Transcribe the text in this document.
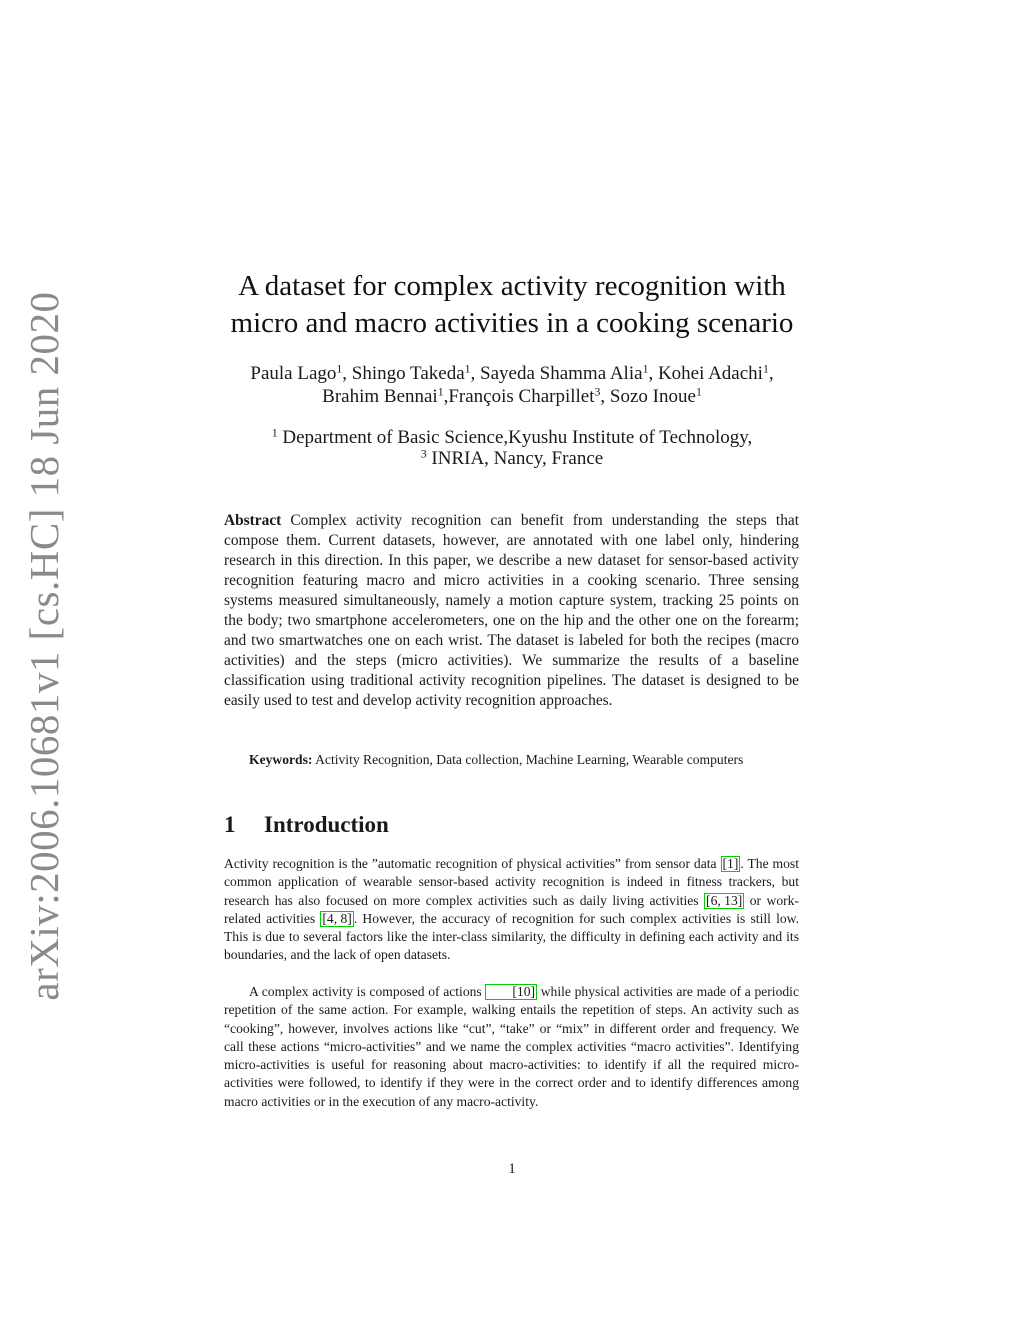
arXiv:2006.10681v1 [cs.HC] 18 Jun 2020
A dataset for complex activity recognition with
micro and macro activities in a cooking scenario
Paula Lago$^1$, Shingo Takeda$^1$, Sayeda Shamma Alia$^1$, Kohei Adachi$^1$,
Brahim Bennai$^1$,François Charpillet$^3$, Sozo Inoue$^1$
$^1$ Department of Basic Science,Kyushu Institute of Technology,
$^3$ INRIA, Nancy, France

Abstract Complex activity recognition can benefit from understanding the steps that compose them. Current datasets, however, are annotated with one label only, hindering research in this direction. In this paper, we describe a new dataset for sensor-based activity recognition featuring macro and micro activities in a cooking scenario. Three sensing systems measured simultaneously, namely a motion capture system, tracking 25 points on the body; two smartphone accelerometers, one on the hip and the other one on the forearm; and two smartwatches one on each wrist. The dataset is labeled for both the recipes (macro activities) and the steps (micro activities). We summarize the results of a baseline classification using traditional activity recognition pipelines. The dataset is designed to be easily used to test and develop activity recognition approaches.

Keywords: Activity Recognition, Data collection, Machine Learning, Wearable computers

1 Introduction

Activity recognition is the ”automatic recognition of physical activities” from sensor data [1] . The most common application of wearable sensor-based activity recognition is indeed in fitness trackers, but research has also focused on more complex activities such as daily living activities [6, 13] or work-related activities [4, 8] . However, the accuracy of recognition for such complex activities is still low. This is due to several factors like the inter-class similarity, the difficulty in defining each activity and its boundaries, and the lack of open datasets.

A complex activity is composed of actions [10] while physical activities are made of a periodic repetition of the same action. For example, walking entails the repetition of steps. An activity such as “cooking”, however, involves actions like “cut”, “take” or “mix” in different order and frequency. We call these actions “micro-activities” and we name the complex activities “macro activities”. Identifying micro-activities is useful for reasoning about macro-activities: to identify if all the required micro-activities were followed, to identify if they were in the correct order and to identify differences among macro activities or in the execution of any macro-activity.

1
